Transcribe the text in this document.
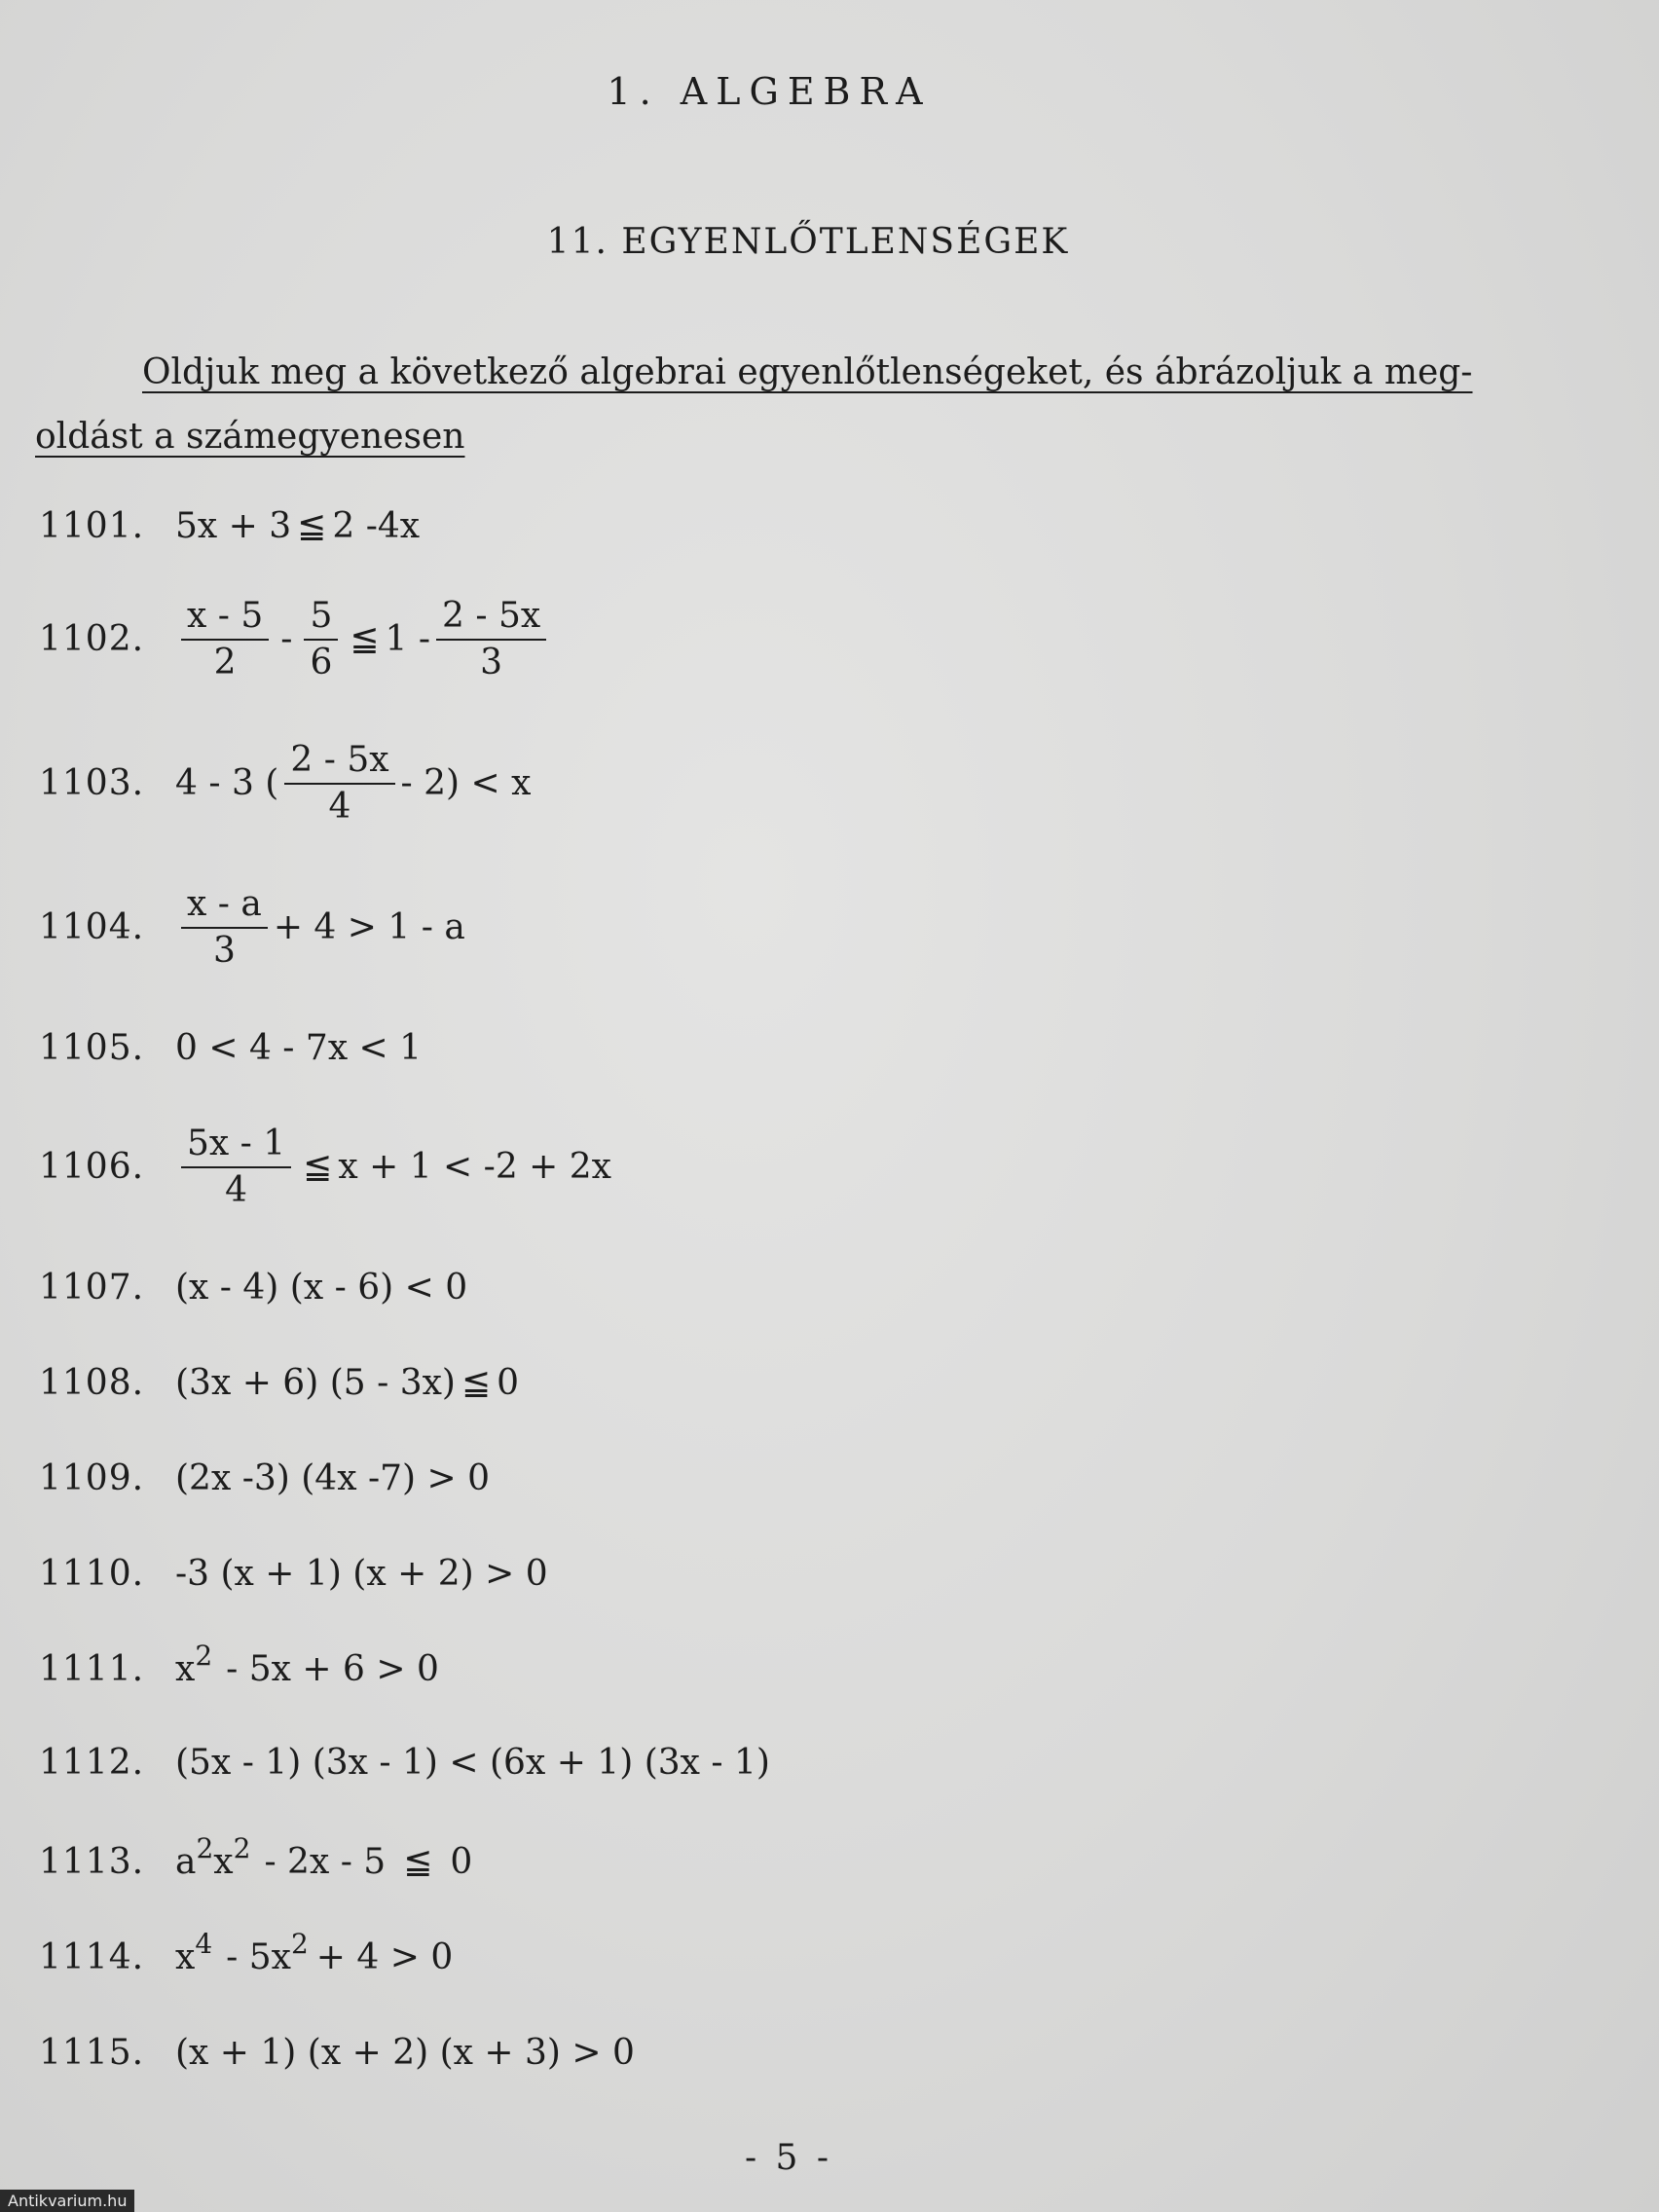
1. ALGEBRA
11. EGYENLŐTLENSÉGEK
Oldjuk meg a következő algebrai egyenlőtlenségeket, és ábrázoljuk a meg-
oldást a számegyenesen
1101. 5x + 3 ≦ 2 -4x
1102.	$\frac{x - 5}{2} - \frac{5}{6}$ ≦ $1 - \frac{2 - 5x}{3}$
1103. 4 - 3 ( $\frac{2 - 5x}{4} - 2) < x$
1104.	$\frac{x - a}{3} + 4 > 1 - a$
1105. 0 < 4 - 7x < 1
1106.	$\frac{5x - 1}{4}$ ≦ x + 1 < -2 + 2x
1107. (x - 4) (x - 6) < 0
1108. (3x + 6) (5 - 3x) ≦ 0
1109. (2x -3) (4x -7) > 0
1110. -3 (x + 1) (x + 2) > 0
1111. $x^2 - 5x + 6 > 0$
1112. (5x - 1) (3x - 1) < (6x + 1) (3x - 1)
1113. $a^2$ $x^2 - 2x - 5$ ≦ 0
1114. $x^4 - 5x^2 + 4 > 0$
1115. (x + 1) (x + 2) (x + 3) > 0
- 5 -
Antikvarium.hu
